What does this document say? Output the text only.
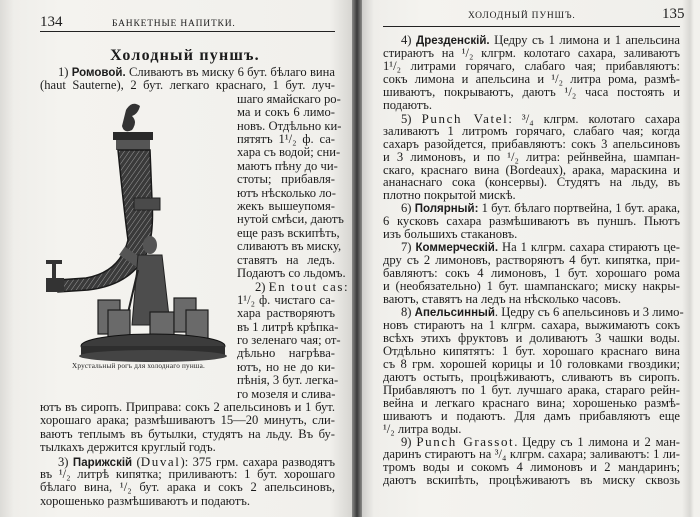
134	БАНКЕТНЫЕ НАПИТКИ.
Холодный пуншъ.
Хрустальный рогъ для холоднаго пунша.
1) Ромовой. Сливаютъ въ миску 6 бут. бѣлаго вина
(haut Sauterne), 2 бут. легкаго краснаго, 1 бут. луч-
шаго ямайскаго ро-
ма и сокъ 6 лимо-
новъ. Отдѣльно ки-
пятятъ 1¹/₂ ф. са-
хара съ водой; сни-
маютъ пѣну до чи-
стоты; прибавля-
ютъ нѣсколько ло-
жекъ вышеупомя-
нутой смѣси, даютъ
еще разъ вскипѣть,
сливаютъ въ миску,
ставятъ на ледъ.
Подаютъ со льдомъ.
2) En tout cas:
1¹/₂ ф. чистаго са-
хара растворяютъ
въ 1 литрѣ крѣпка-
го зеленаго чая; от-
дѣльно нагрѣва-
ютъ, но не до ки-
пѣнія, 3 бут. легка-
го мозеля и слива-
ютъ въ сиропъ. Приправа: сокъ 2 апельсиновъ и 1 бут.
хорошаго арака; размѣшиваютъ 15—20 минутъ, сли-
ваютъ теплымъ въ бутылки, студятъ на льду. Въ бу-
тылкахъ держится круглый годъ.
3) Парижскій (Duval): 375 грм. сахара разводятъ
въ ¹/₂ литрѣ кипятка; приливаютъ: 1 бут. хорошаго
бѣлаго вина, ¹/₂ бут. арака и сокъ 2 апельсиновъ,
хорошенько размѣшиваютъ и подаютъ.
ХОЛОДНЫЙ ПУНШЪ.	135
4) Дрезденскій. Цедру съ 1 лимона и 1 апельсина
стираютъ на ¹/₂ клгрм. колотаго сахара, заливаютъ
1¹/₂ литрами горячаго, слабаго чая; прибавляютъ:
сокъ лимона и апельсина и ¹/₂ литра рома, размѣ-
шиваютъ, покрываютъ, даютъ ¹/₂ часа постоять и
подаютъ.
5) Punch Vatel: ³/₄ клгрм. колотаго сахара
заливаютъ 1 литромъ горячаго, слабаго чая; когда
сахаръ разойдется, прибавляютъ: сокъ 3 апельсиновъ
и 3 лимоновъ, и по ¹/₂ литра: рейнвейна, шампан-
скаго, краснаго вина (Bordeaux), арака, мараскина и
ананаснаго сока (консервы). Студятъ на льду, въ
плотно покрытой мискѣ.
6) Полярный: 1 бут. бѣлаго портвейна, 1 бут. арака,
6 кусковъ сахара размѣшиваютъ въ пуншъ. Пьютъ
изъ большихъ стакановъ.
7) Коммерческій. На 1 клгрм. сахара стираютъ це-
дру съ 2 лимоновъ, растворяютъ 4 бут. кипятка, при-
бавляютъ: сокъ 4 лимоновъ, 1 бут. хорошаго рома
и (необязательно) 1 бут. шампанскаго; миску накры-
ваютъ, ставятъ на ледъ на нѣсколько часовъ.
8) Апельсинный. Цедру съ 6 апельсиновъ и 3 лимо-
новъ стираютъ на 1 клгрм. сахара, выжимаютъ сокъ
всѣхъ этихъ фруктовъ и доливаютъ 3 чашки воды.
Отдѣльно кипятятъ: 1 бут. хорошаго краснаго вина
съ 8 грм. хорошей корицы и 10 головками гвоздики;
даютъ остыть, процѣживаютъ, сливаютъ въ сиропъ.
Прибавляютъ по 1 бут. лучшаго арака, стараго рейн-
вейна и легкаго краснаго вина; хорошенько размѣ-
шиваютъ и подаютъ. Для дамъ прибавляютъ еще
¹/₂ литра воды.
9) Punch Grassot. Цедру съ 1 лимона и 2 ман-
даринъ стираютъ на ³/₄ клгрм. сахара; заливаютъ: 1 ли-
тромъ воды и сокомъ 4 лимоновъ и 2 мандаринъ;
даютъ вскипѣть, процѣживаютъ въ миску сквозь
